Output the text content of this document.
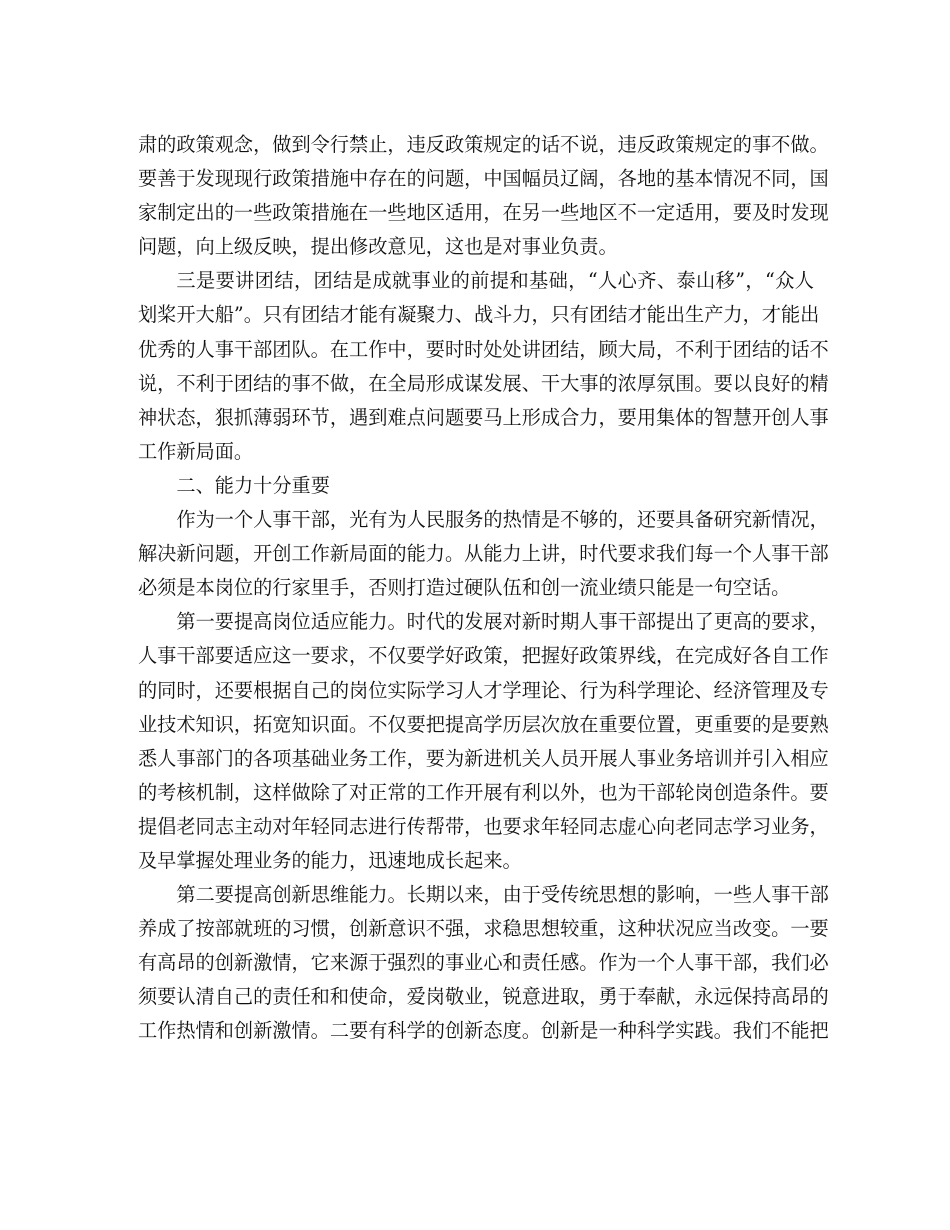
肃的政策观念，做到令行禁止，违反政策规定的话不说，违反政策规定的事不做。
要善于发现现行政策措施中存在的问题，中国幅员辽阔，各地的基本情况不同，国
家制定出的一些政策措施在一些地区适用，在另一些地区不一定适用，要及时发现
问题，向上级反映，提出修改意见，这也是对事业负责。
三是要讲团结，团结是成就事业的前提和基础，“人心齐、泰山移”，“众人
划桨开大船”。只有团结才能有凝聚力、战斗力，只有团结才能出生产力，才能出
优秀的人事干部团队。在工作中，要时时处处讲团结，顾大局，不利于团结的话不
说，不利于团结的事不做，在全局形成谋发展、干大事的浓厚氛围。要以良好的精
神状态，狠抓薄弱环节，遇到难点问题要马上形成合力，要用集体的智慧开创人事
工作新局面。
二、能力十分重要
作为一个人事干部，光有为人民服务的热情是不够的，还要具备研究新情况，
解决新问题，开创工作新局面的能力。从能力上讲，时代要求我们每一个人事干部
必须是本岗位的行家里手，否则打造过硬队伍和创一流业绩只能是一句空话。
第一要提高岗位适应能力。时代的发展对新时期人事干部提出了更高的要求，
人事干部要适应这一要求，不仅要学好政策，把握好政策界线，在完成好各自工作
的同时，还要根据自己的岗位实际学习人才学理论、行为科学理论、经济管理及专
业技术知识，拓宽知识面。不仅要把提高学历层次放在重要位置，更重要的是要熟
悉人事部门的各项基础业务工作，要为新进机关人员开展人事业务培训并引入相应
的考核机制，这样做除了对正常的工作开展有利以外，也为干部轮岗创造条件。要
提倡老同志主动对年轻同志进行传帮带，也要求年轻同志虚心向老同志学习业务，
及早掌握处理业务的能力，迅速地成长起来。
第二要提高创新思维能力。长期以来，由于受传统思想的影响，一些人事干部
养成了按部就班的习惯，创新意识不强，求稳思想较重，这种状况应当改变。一要
有高昂的创新激情，它来源于强烈的事业心和责任感。作为一个人事干部，我们必
须要认清自己的责任和和使命，爱岗敬业，锐意进取，勇于奉献，永远保持高昂的
工作热情和创新激情。二要有科学的创新态度。创新是一种科学实践。我们不能把
